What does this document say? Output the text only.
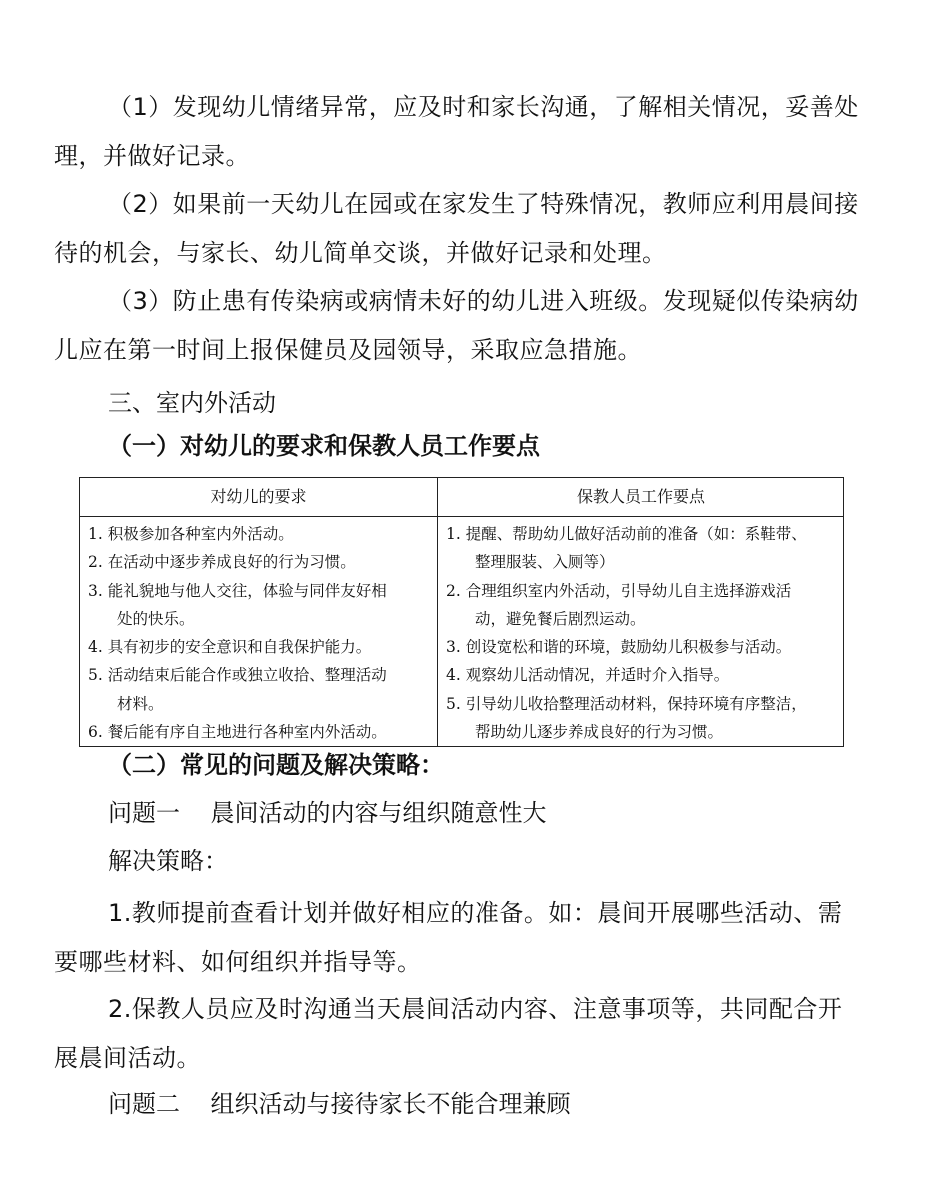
（1）发现幼儿情绪异常，应及时和家长沟通，了解相关情况，妥善处理，并做好记录。

（2）如果前一天幼儿在园或在家发生了特殊情况，教师应利用晨间接待的机会，与家长、幼儿简单交谈，并做好记录和处理。

（3）防止患有传染病或病情未好的幼儿进入班级。发现疑似传染病幼儿应在第一时间上报保健员及园领导，采取应急措施。

三、室内外活动

（一）对幼儿的要求和保教人员工作要点

对幼儿的要求	保教人员工作要点
1. 积极参加各种室内外活动。
2. 在活动中逐步养成良好的行为习惯。
3. 能礼貌地与他人交往，体验与同伴友好相
处的快乐。
4. 具有初步的安全意识和自我保护能力。
5. 活动结束后能合作或独立收拾、整理活动
材料。
6. 餐后能有序自主地进行各种室内外活动。
1. 提醒、帮助幼儿做好活动前的准备（如：系鞋带、
整理服装、入厕等）
2. 合理组织室内外活动，引导幼儿自主选择游戏活
动，避免餐后剧烈运动。
3. 创设宽松和谐的环境，鼓励幼儿积极参与活动。
4. 观察幼儿活动情况，并适时介入指导。
5. 引导幼儿收拾整理活动材料，保持环境有序整洁，
帮助幼儿逐步养成良好的行为习惯。

（二）常见的问题及解决策略：

问题一    晨间活动的内容与组织随意性大

解决策略：

1.教师提前查看计划并做好相应的准备。如：晨间开展哪些活动、需要哪些材料、如何组织并指导等。

2.保教人员应及时沟通当天晨间活动内容、注意事项等，共同配合开展晨间活动。

问题二    组织活动与接待家长不能合理兼顾
